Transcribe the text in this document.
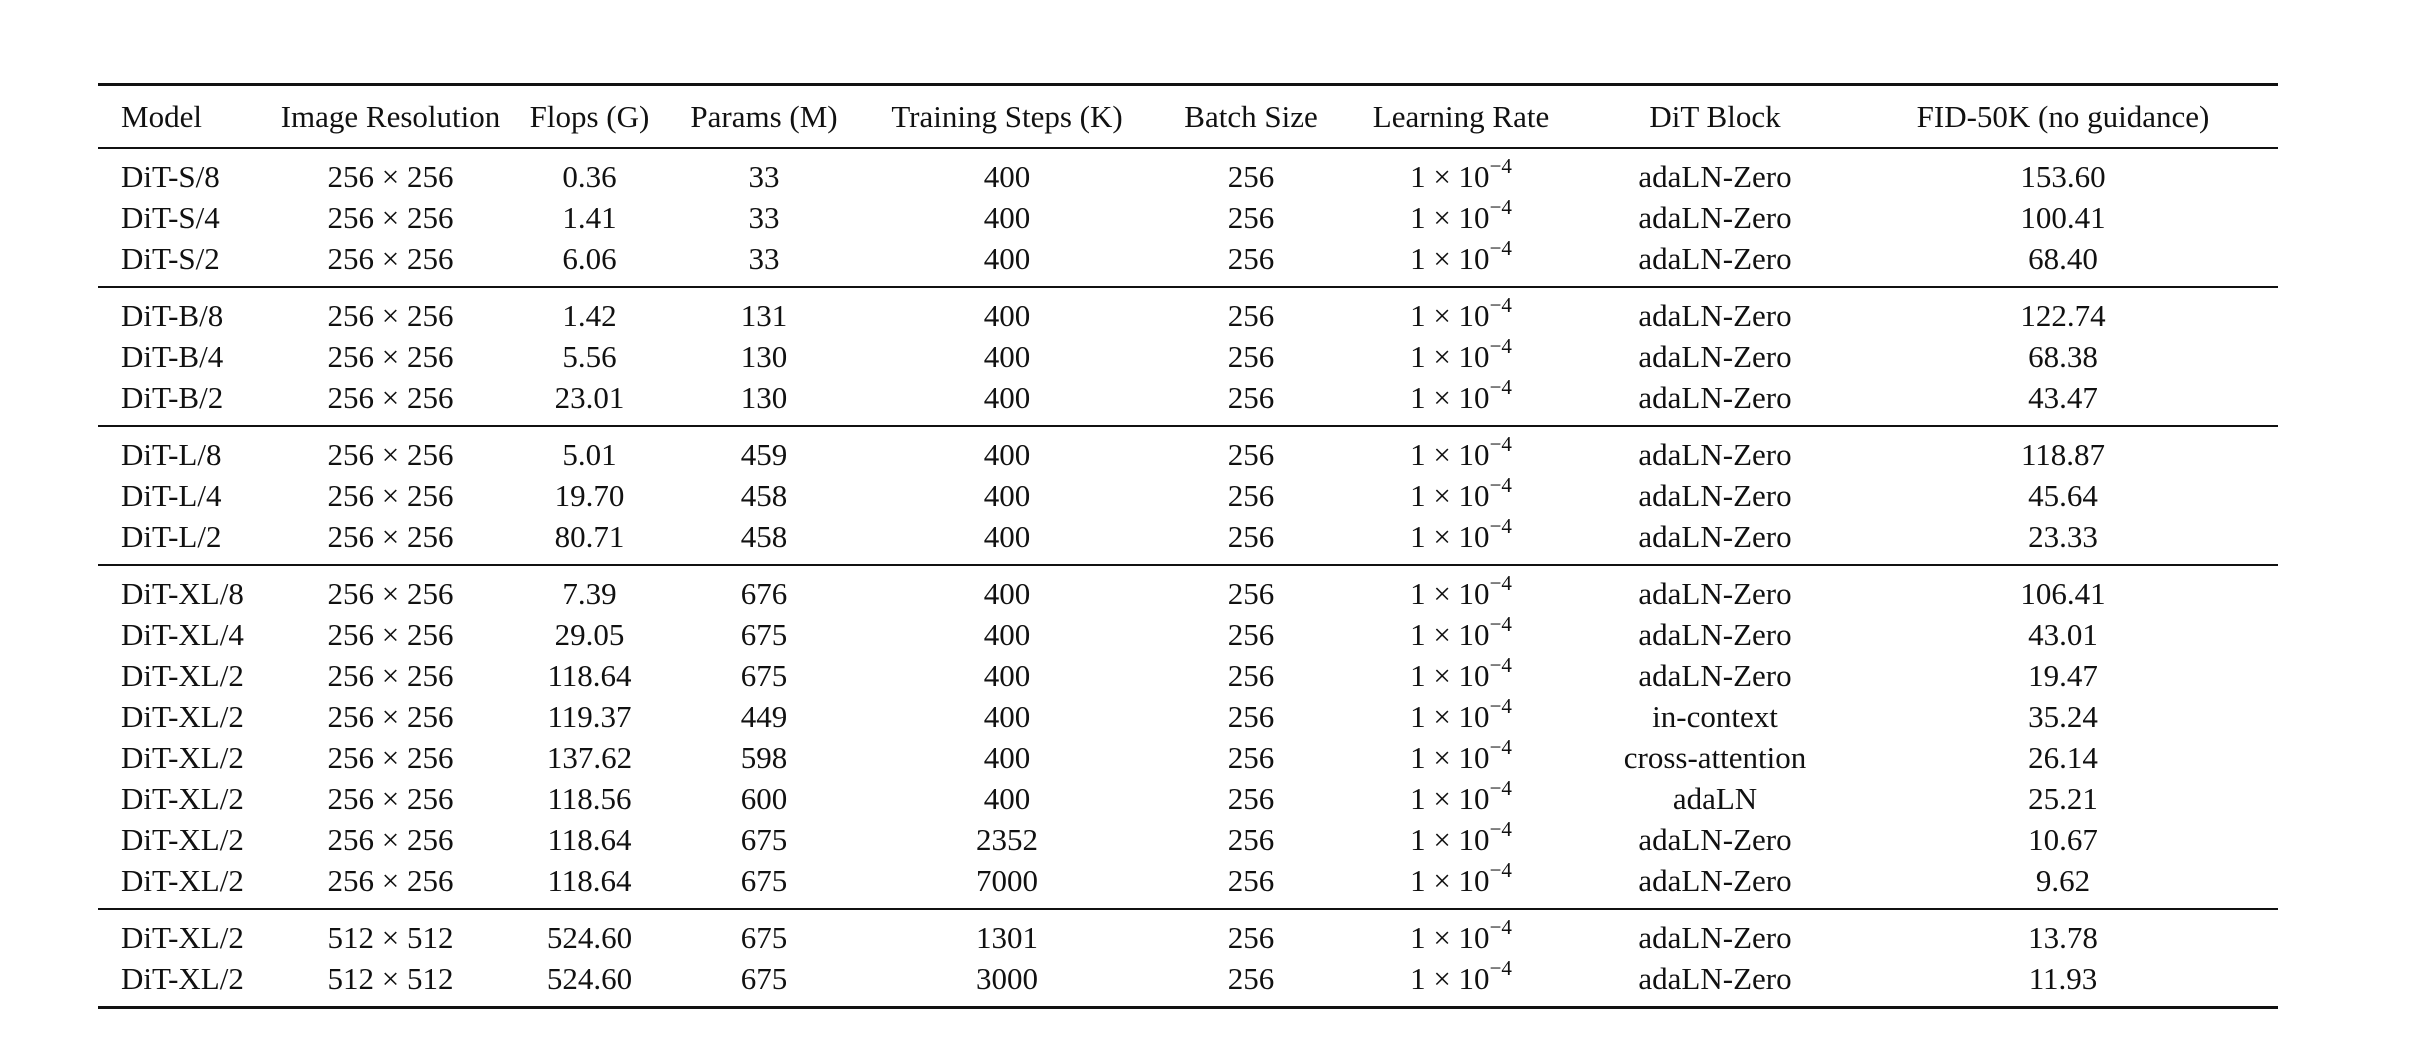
Model	Image Resolution	Flops (G)	Params (M)	Training Steps (K)	Batch Size	Learning Rate	DiT Block	FID-50K (no guidance)
DiT-S/8	256 × 256	0.36	33	400	256	$1 \times 10^{-4}$	adaLN-Zero	153.60
DiT-S/4	256 × 256	1.41	33	400	256	$1 \times 10^{-4}$	adaLN-Zero	100.41
DiT-S/2	256 × 256	6.06	33	400	256	$1 \times 10^{-4}$	adaLN-Zero	68.40
DiT-B/8	256 × 256	1.42	131	400	256	$1 \times 10^{-4}$	adaLN-Zero	122.74
DiT-B/4	256 × 256	5.56	130	400	256	$1 \times 10^{-4}$	adaLN-Zero	68.38
DiT-B/2	256 × 256	23.01	130	400	256	$1 \times 10^{-4}$	adaLN-Zero	43.47
DiT-L/8	256 × 256	5.01	459	400	256	$1 \times 10^{-4}$	adaLN-Zero	118.87
DiT-L/4	256 × 256	19.70	458	400	256	$1 \times 10^{-4}$	adaLN-Zero	45.64
DiT-L/2	256 × 256	80.71	458	400	256	$1 \times 10^{-4}$	adaLN-Zero	23.33
DiT-XL/8	256 × 256	7.39	676	400	256	$1 \times 10^{-4}$	adaLN-Zero	106.41
DiT-XL/4	256 × 256	29.05	675	400	256	$1 \times 10^{-4}$	adaLN-Zero	43.01
DiT-XL/2	256 × 256	118.64	675	400	256	$1 \times 10^{-4}$	adaLN-Zero	19.47
DiT-XL/2	256 × 256	119.37	449	400	256	$1 \times 10^{-4}$	in-context	35.24
DiT-XL/2	256 × 256	137.62	598	400	256	$1 \times 10^{-4}$	cross-attention	26.14
DiT-XL/2	256 × 256	118.56	600	400	256	$1 \times 10^{-4}$	adaLN	25.21
DiT-XL/2	256 × 256	118.64	675	2352	256	$1 \times 10^{-4}$	adaLN-Zero	10.67
DiT-XL/2	256 × 256	118.64	675	7000	256	$1 \times 10^{-4}$	adaLN-Zero	9.62
DiT-XL/2	512 × 512	524.60	675	1301	256	$1 \times 10^{-4}$	adaLN-Zero	13.78
DiT-XL/2	512 × 512	524.60	675	3000	256	$1 \times 10^{-4}$	adaLN-Zero	11.93
